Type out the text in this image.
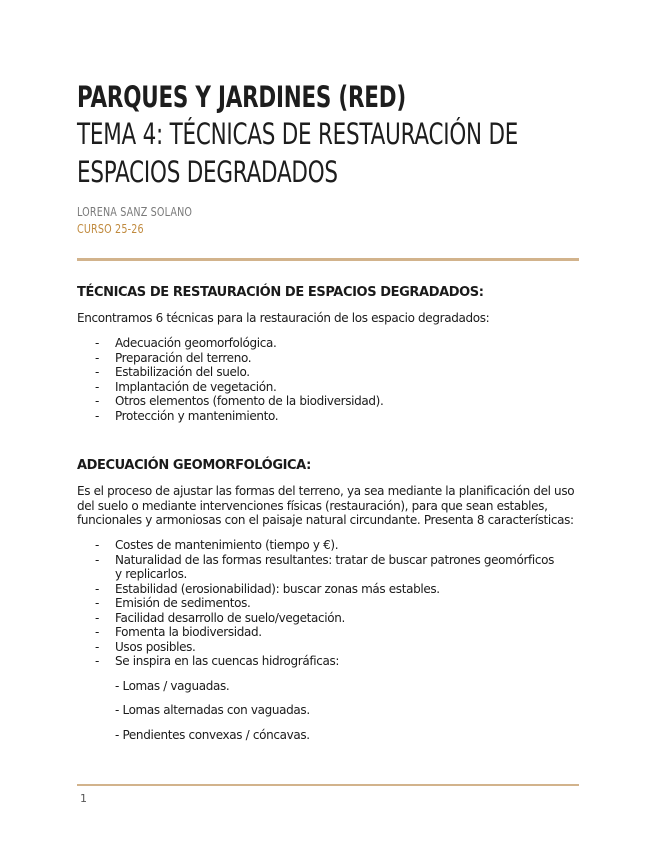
PARQUES Y JARDINES (RED)
TEMA 4: TÉCNICAS DE RESTAURACIÓN DE
ESPACIOS DEGRADADOS
LORENA SANZ SOLANO
CURSO 25-26
TÉCNICAS DE RESTAURACIÓN DE ESPACIOS DEGRADADOS:

Encontramos 6 técnicas para la restauración de los espacio degradados:

- Adecuación geomorfológica.
- Preparación del terreno.
- Estabilización del suelo.
- Implantación de vegetación.
- Otros elementos (fomento de la biodiversidad).
- Protección y mantenimiento.
ADECUACIÓN GEOMORFOLÓGICA:

Es el proceso de ajustar las formas del terreno, ya sea mediante la planificación del uso del suelo o mediante intervenciones físicas (restauración), para que sean estables, funcionales y armoniosas con el paisaje natural circundante. Presenta 8 características:

- Costes de mantenimiento (tiempo y €).
- Naturalidad de las formas resultantes: tratar de buscar patrones geomórficos y replicarlos.
- Estabilidad (erosionabilidad): buscar zonas más estables.
- Emisión de sedimentos.
- Facilidad desarrollo de suelo/vegetación.
- Fomenta la biodiversidad.
- Usos posibles.
- Se inspira en las cuencas hidrográficas:

- Lomas / vaguadas.

- Lomas alternadas con vaguadas.

- Pendientes convexas / cóncavas.

1
